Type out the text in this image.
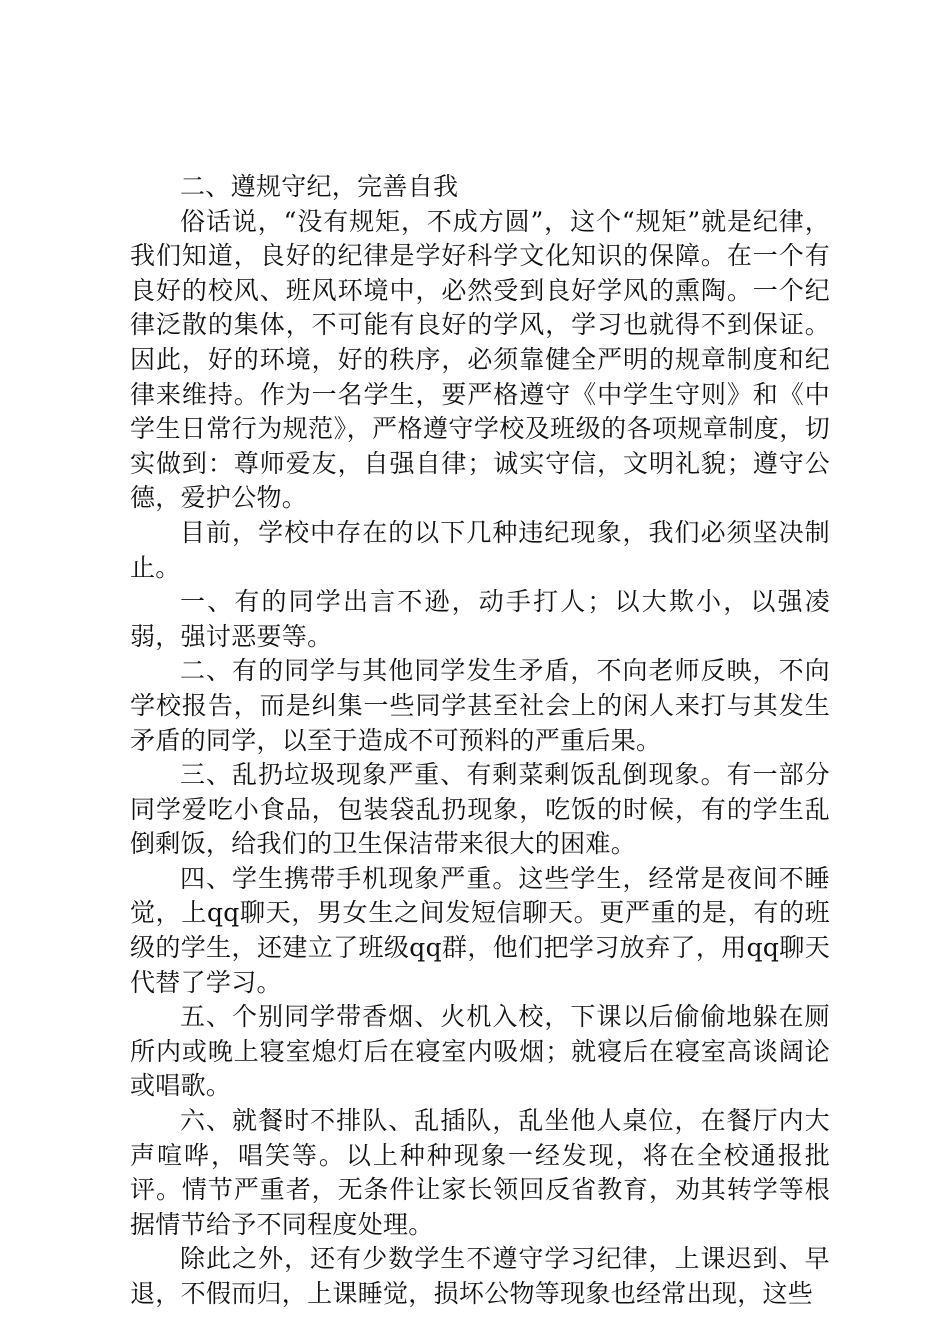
二、遵规守纪，完善自我

俗话说，“没有规矩，不成方圆”，这个“规矩”就是纪律，我们知道，良好的纪律是学好科学文化知识的保障。在一个有良好的校风、班风环境中，必然受到良好学风的熏陶。一个纪律泛散的集体，不可能有良好的学风，学习也就得不到保证。因此，好的环境，好的秩序，必须靠健全严明的规章制度和纪律来维持。作为一名学生，要严格遵守《中学生守则》和《中学生日常行为规范》，严格遵守学校及班级的各项规章制度，切实做到：尊师爱友，自强自律；诚实守信，文明礼貌；遵守公德，爱护公物。

目前，学校中存在的以下几种违纪现象，我们必须坚决制止。

一、有的同学出言不逊，动手打人；以大欺小，以强凌弱，强讨恶要等。

二、有的同学与其他同学发生矛盾，不向老师反映，不向学校报告，而是纠集一些同学甚至社会上的闲人来打与其发生矛盾的同学，以至于造成不可预料的严重后果。

三、乱扔垃圾现象严重、有剩菜剩饭乱倒现象。有一部分同学爱吃小食品，包装袋乱扔现象，吃饭的时候，有的学生乱倒剩饭，给我们的卫生保洁带来很大的困难。

四、学生携带手机现象严重。这些学生，经常是夜间不睡觉，上qq聊天，男女生之间发短信聊天。更严重的是，有的班级的学生，还建立了班级qq群，他们把学习放弃了，用qq聊天代替了学习。

五、个别同学带香烟、火机入校，下课以后偷偷地躲在厕所内或晚上寝室熄灯后在寝室内吸烟；就寝后在寝室高谈阔论或唱歌。

六、就餐时不排队、乱插队，乱坐他人桌位，在餐厅内大声喧哗，唱笑等。以上种种现象一经发现，将在全校通报批评。情节严重者，无条件让家长领回反省教育，劝其转学等根据情节给予不同程度处理。

除此之外，还有少数学生不遵守学习纪律，上课迟到、早退，不假而归，上课睡觉，损坏公物等现象也经常出现，这些
